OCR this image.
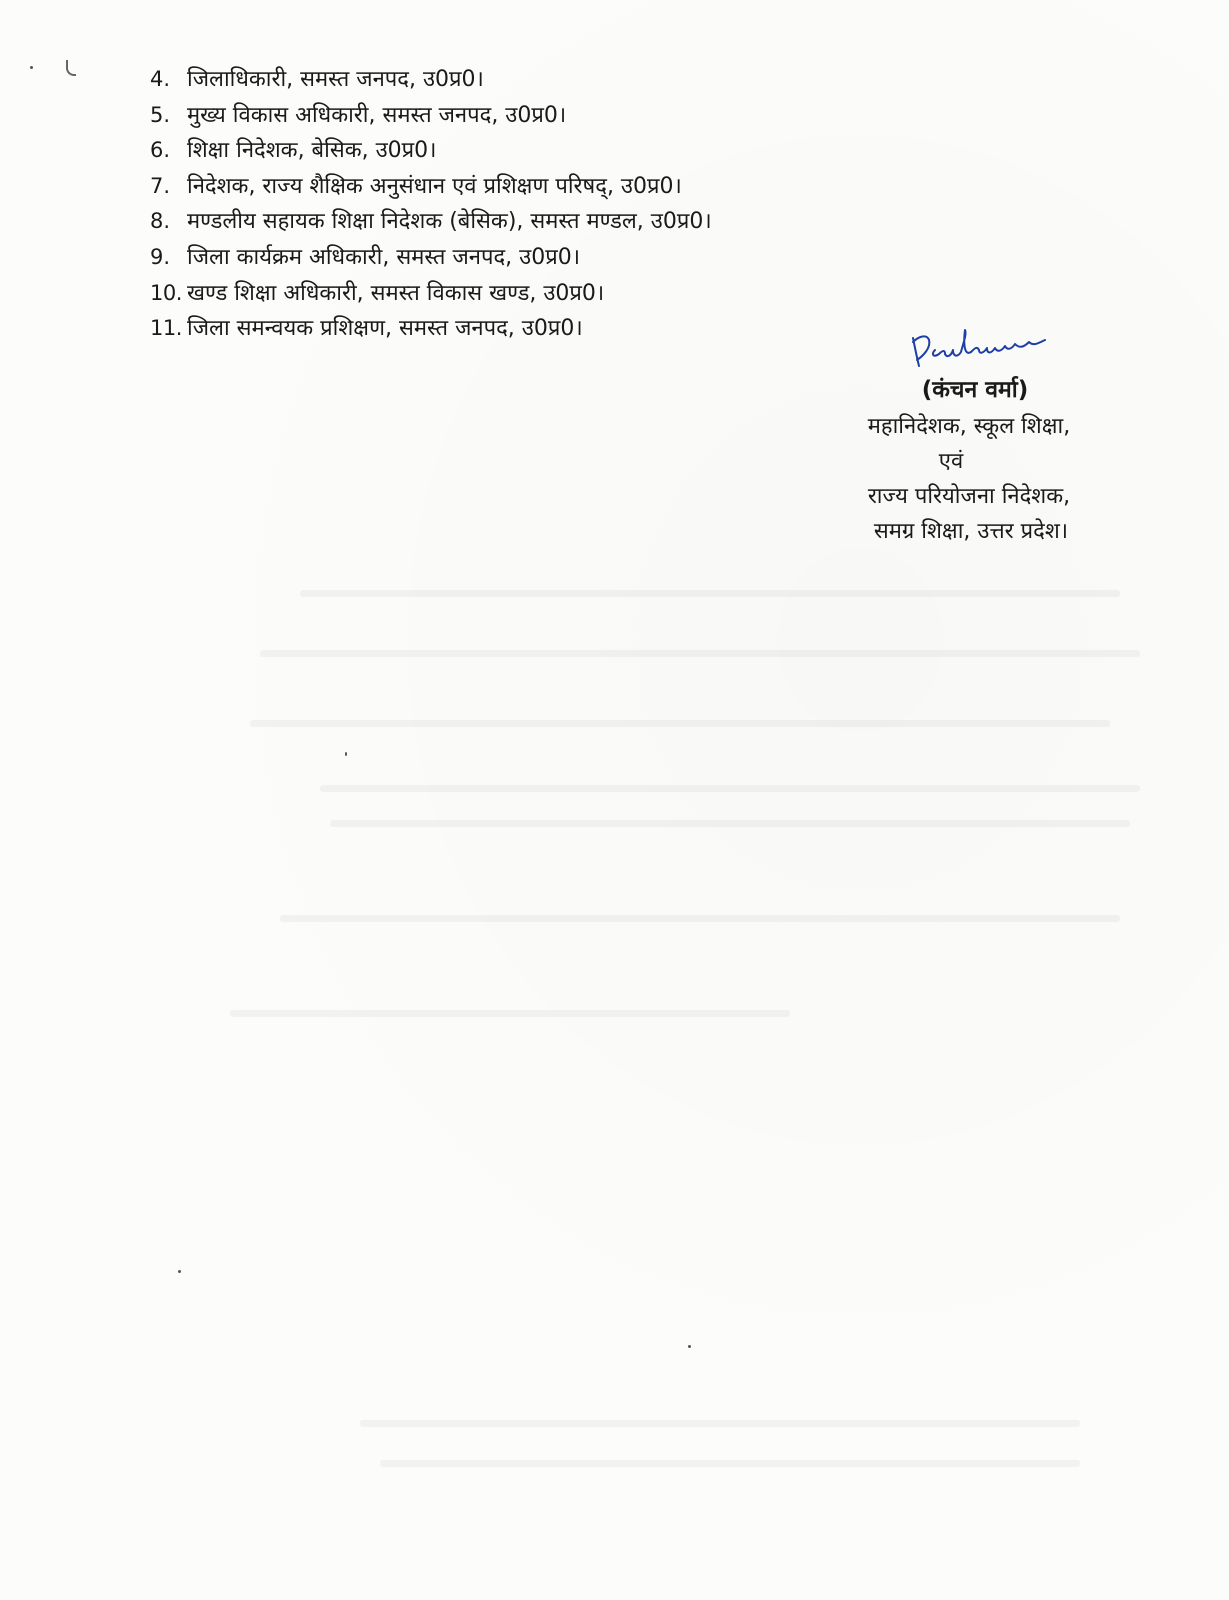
4. जिलाधिकारी, समस्त जनपद, उ0प्र0।
5. मुख्य विकास अधिकारी, समस्त जनपद, उ0प्र0।
6. शिक्षा निदेशक, बेसिक, उ0प्र0।
7. निदेशक, राज्य शैक्षिक अनुसंधान एवं प्रशिक्षण परिषद्, उ0प्र0।
8. मण्डलीय सहायक शिक्षा निदेशक (बेसिक), समस्त मण्डल, उ0प्र0।
9. जिला कार्यक्रम अधिकारी, समस्त जनपद, उ0प्र0।
10. खण्ड शिक्षा अधिकारी, समस्त विकास खण्ड, उ0प्र0।
11. जिला समन्वयक प्रशिक्षण, समस्त जनपद, उ0प्र0।
(कंचन वर्मा)
महानिदेशक, स्कूल शिक्षा,
एवं
राज्य परियोजना निदेशक,
समग्र शिक्षा, उत्तर प्रदेश।
